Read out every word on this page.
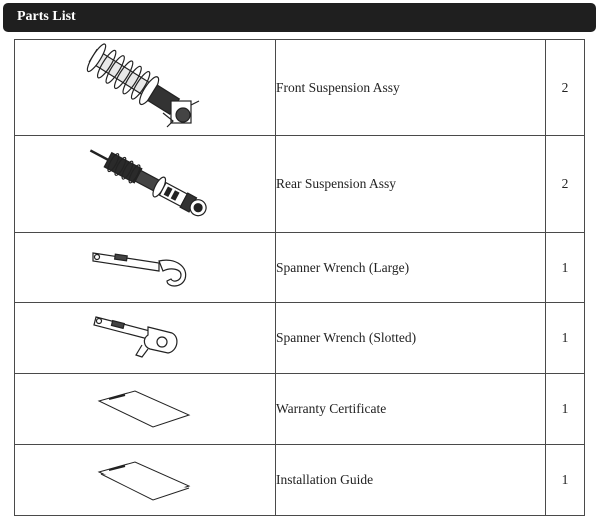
Parts List
	Front Suspension Assy	2

	Rear Suspension Assy	2

	Spanner Wrench (Large)	1

	Spanner Wrench (Slotted)	1

	Warranty Certificate	1

	Installation Guide	1
